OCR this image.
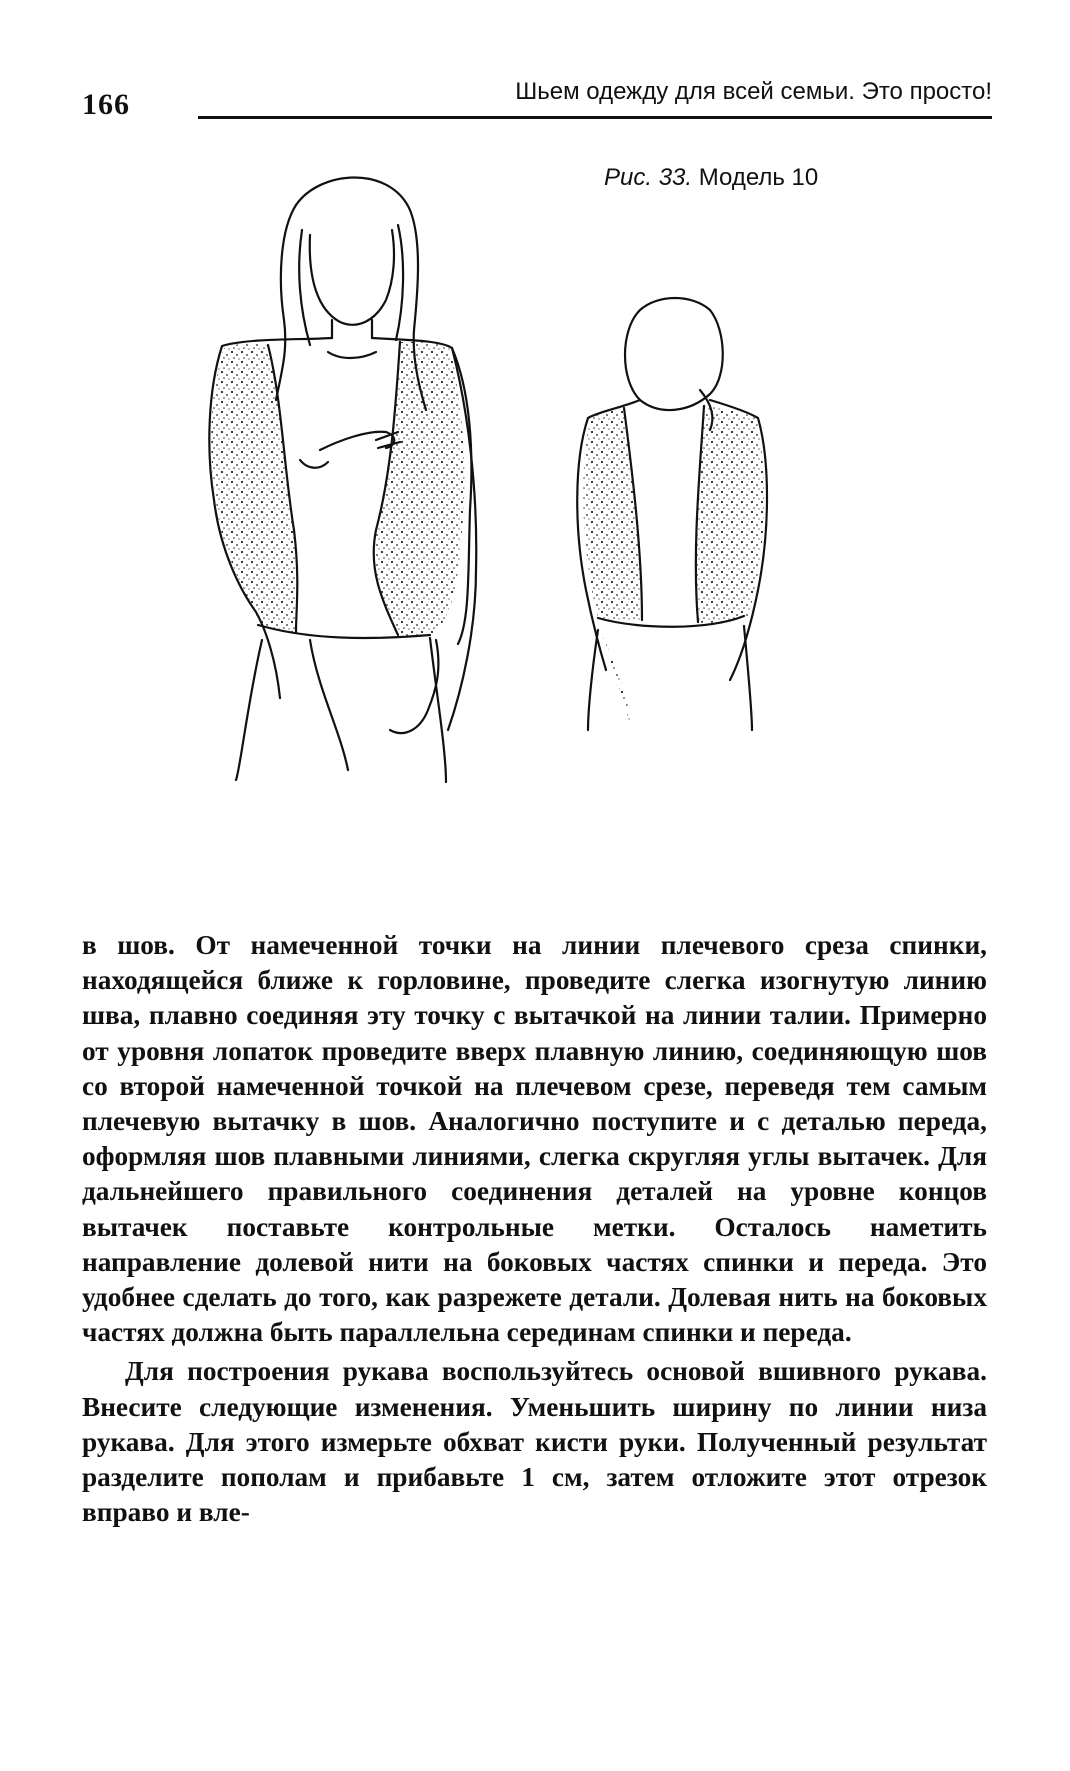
166	Шьем одежду для всей семьи. Это просто!
Рис. 33. Модель 10

в шов. От намеченной точки на линии плечевого среза спинки, находящейся ближе к горловине, проведите слегка изогнутую линию шва, плавно соединяя эту точку с вытачкой на линии талии. Примерно от уровня лопаток проведите вверх плавную линию, соединяющую шов со второй намеченной точкой на плечевом срезе, переведя тем самым плечевую вытачку в шов. Аналогично поступите и с деталью переда, оформляя шов плавными линиями, слегка скругляя углы вытачек. Для дальнейшего правильного соединения деталей на уровне концов вытачек поставьте контрольные метки. Осталось наметить направление долевой нити на боковых частях спинки и переда. Это удобнее сделать до того, как разрежете детали. Долевая нить на боковых частях должна быть параллельна серединам спинки и переда.

Для построения рукава воспользуйтесь основой вшивного рукава. Внесите следующие изменения. Уменьшить ширину по линии низа рукава. Для этого измерьте обхват кисти руки. Полученный результат разделите пополам и прибавьте 1 см, затем отложите этот отрезок вправо и вле-
